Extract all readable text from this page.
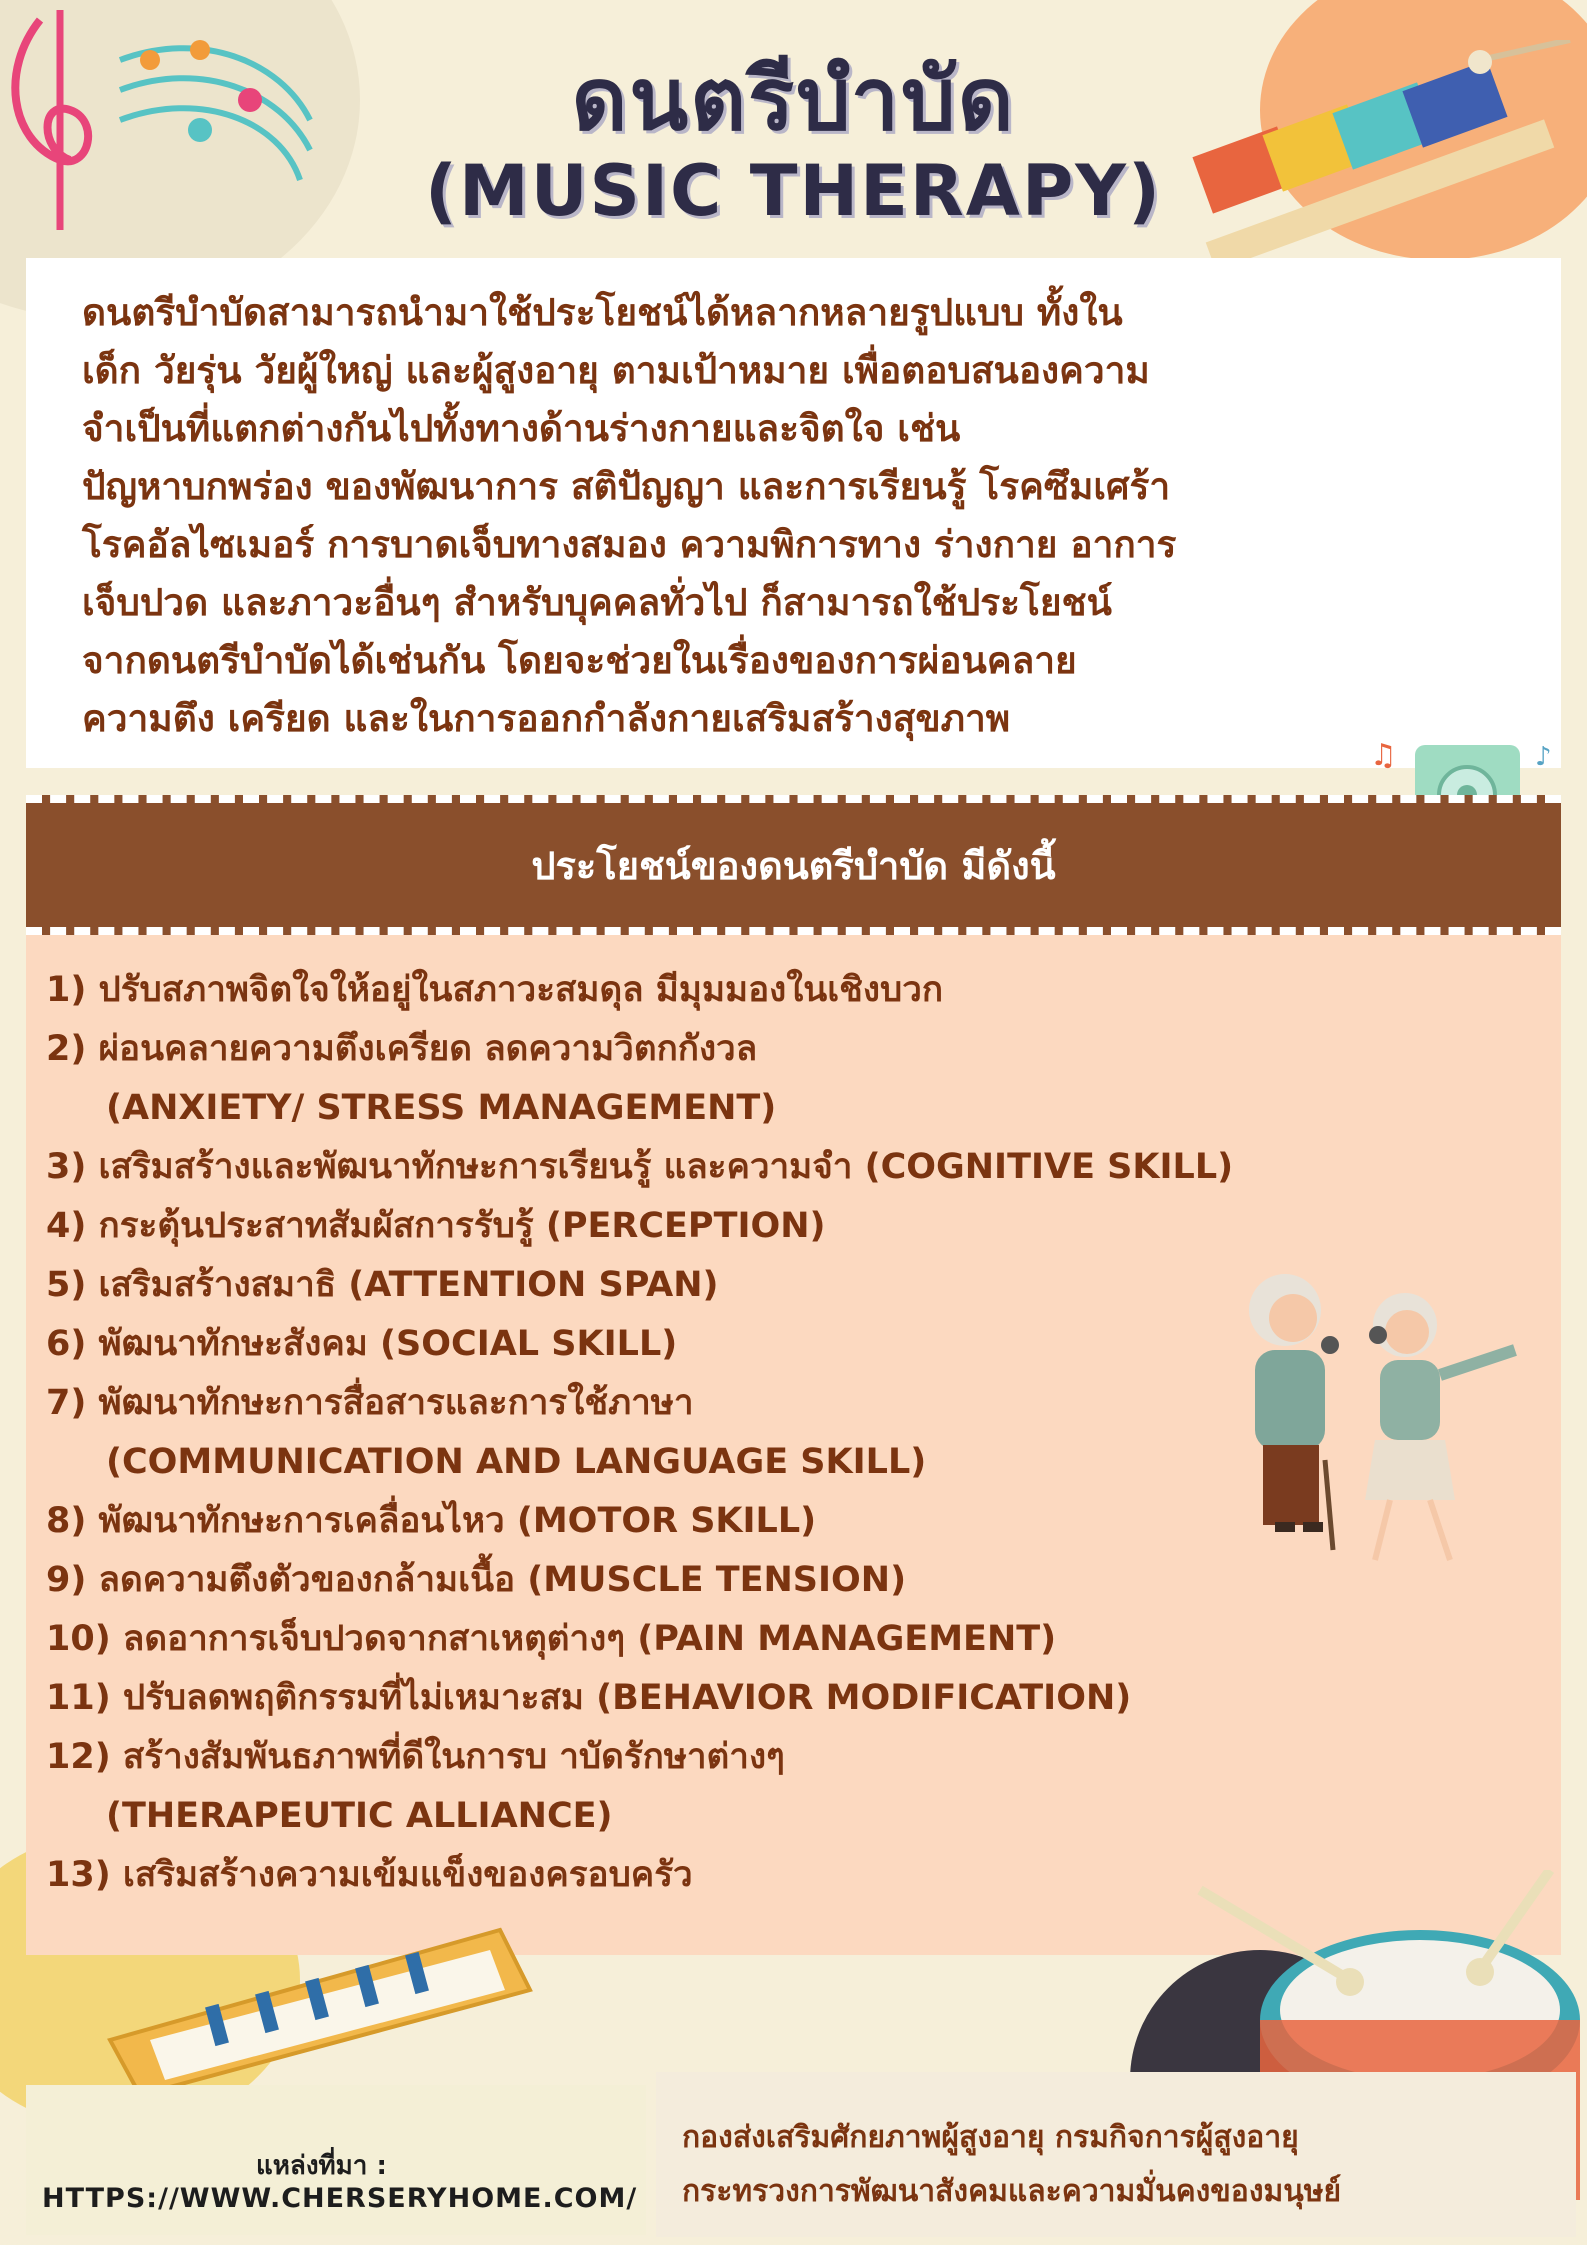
ดนตรีบำบัด
(MUSIC THERAPY)

ดนตรีบำบัดสามารถนำมาใช้ประโยชน์ได้หลากหลายรูปแบบ ทั้งใน
เด็ก วัยรุ่น วัยผู้ใหญ่ และผู้สูงอายุ ตามเป้าหมาย เพื่อตอบสนองความ
จำเป็นที่แตกต่างกันไปทั้งทางด้านร่างกายและจิตใจ เช่น
ปัญหาบกพร่อง ของพัฒนาการ สติปัญญา และการเรียนรู้ โรคซึมเศร้า
โรคอัลไซเมอร์ การบาดเจ็บทางสมอง ความพิการทาง ร่างกาย อาการ
เจ็บปวด และภาวะอื่นๆ สำหรับบุคคลทั่วไป ก็สามารถใช้ประโยชน์
จากดนตรีบำบัดได้เช่นกัน โดยจะช่วยในเรื่องของการผ่อนคลาย
ความตึง เครียด และในการออกกำลังกายเสริมสร้างสุขภาพ

♫	♪
ประโยชน์ของดนตรีบำบัด มีดังนี้
1) ปรับสภาพจิตใจให้อยู่ในสภาวะสมดุล มีมุมมองในเชิงบวก
2) ผ่อนคลายความตึงเครียด ลดความวิตกกังวล
(ANXIETY/ STRESS MANAGEMENT)
3) เสริมสร้างและพัฒนาทักษะการเรียนรู้ และความจำ (COGNITIVE SKILL)
4) กระตุ้นประสาทสัมผัสการรับรู้ (PERCEPTION)
5) เสริมสร้างสมาธิ (ATTENTION SPAN)
6) พัฒนาทักษะสังคม (SOCIAL SKILL)
7) พัฒนาทักษะการสื่อสารและการใช้ภาษา
(COMMUNICATION AND LANGUAGE SKILL)
8) พัฒนาทักษะการเคลื่อนไหว (MOTOR SKILL)
9) ลดความตึงตัวของกล้ามเนื้อ (MUSCLE TENSION)
10) ลดอาการเจ็บปวดจากสาเหตุต่างๆ (PAIN MANAGEMENT)
11) ปรับลดพฤติกรรมที่ไม่เหมาะสม (BEHAVIOR MODIFICATION)
12) สร้างสัมพันธภาพที่ดีในการบ าบัดรักษาต่างๆ
(THERAPEUTIC ALLIANCE)
13) เสริมสร้างความเข้มแข็งของครอบครัว
แหล่งที่มา :
HTTPS://WWW.CHERSERYHOME.COM/
กองส่งเสริมศักยภาพผู้สูงอายุ กรมกิจการผู้สูงอายุ
กระทรวงการพัฒนาสังคมและความมั่นคงของมนุษย์
